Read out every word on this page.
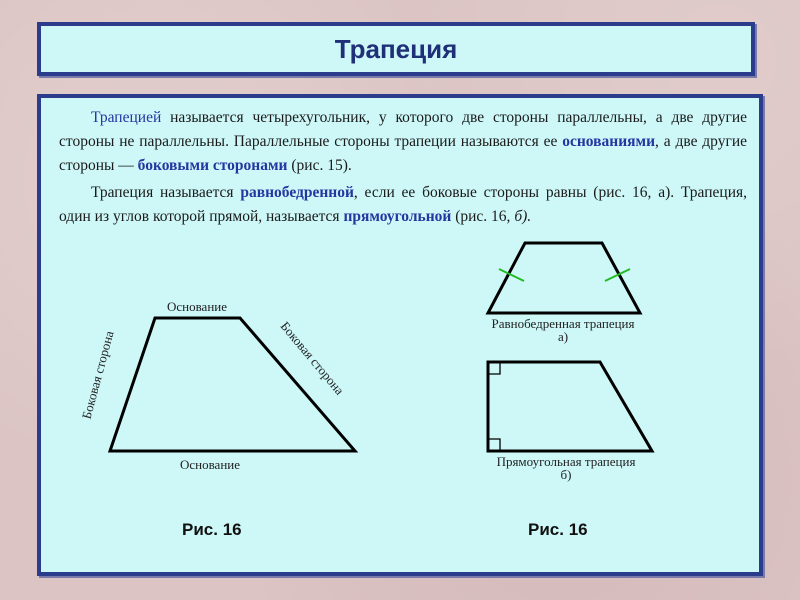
Трапеция

Трапецией называется четырехугольник, у которого две стороны параллельны, а две другие стороны не параллельны. Параллельные стороны трапеции называются ее основаниями, а две другие стороны — боковыми сторонами (рис. 15).

Трапеция называется равнобедренной, если ее боковые стороны равны (рис. 16, а). Трапеция, один из углов которой прямой, называется прямоугольной (рис. 16, б).

Основание
Основание
Боковая сторона	Боковая сторона	Равнобедренная трапеция
а)
Прямоугольная трапеция
б)
Рис. 16	Рис. 16
